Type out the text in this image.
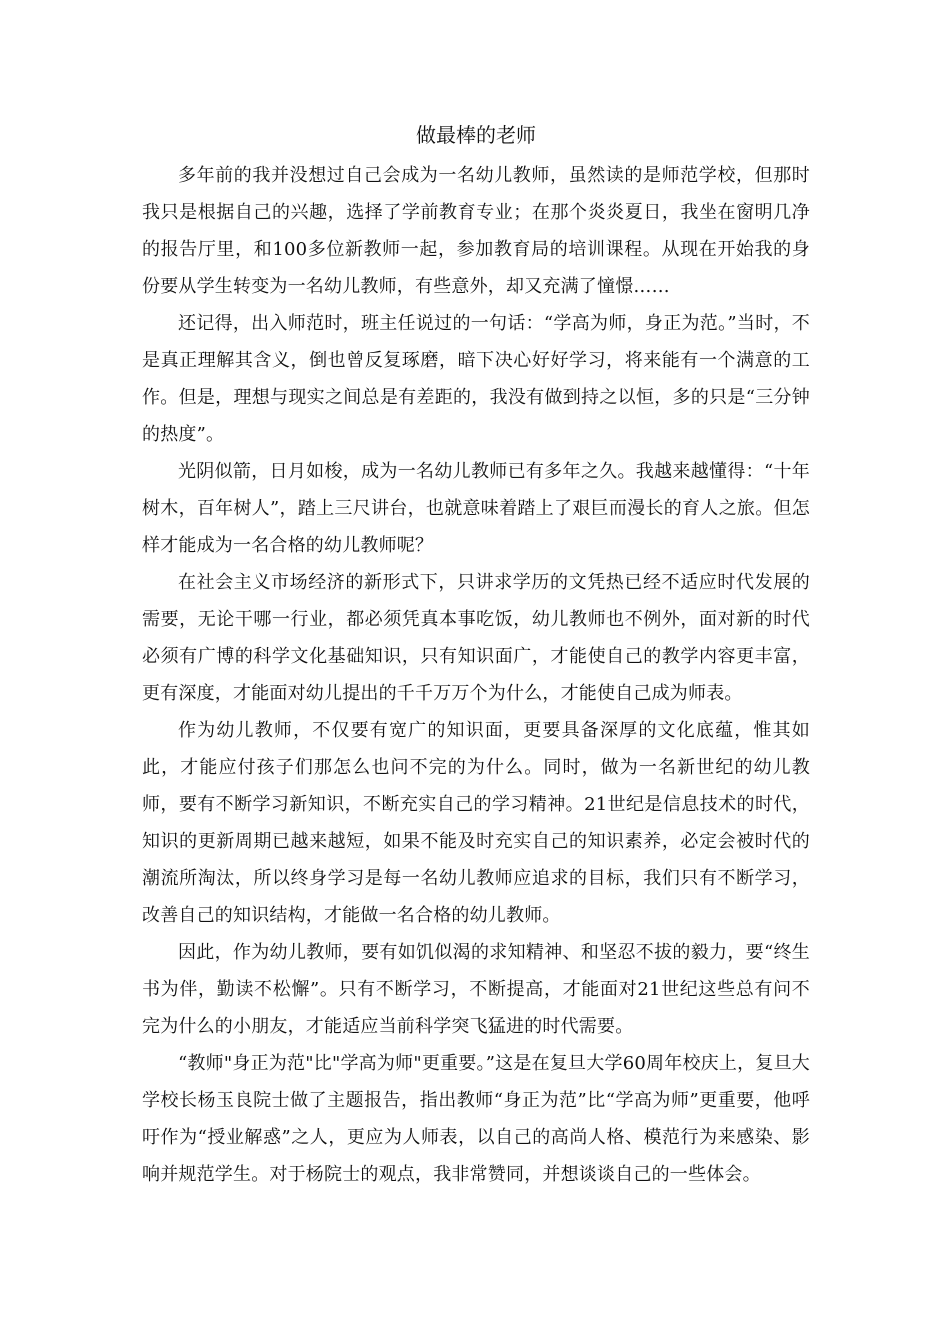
做最棒的老师

多年前的我并没想过自己会成为一名幼儿教师，虽然读的是师范学校，但那时我只是根据自己的兴趣，选择了学前教育专业；在那个炎炎夏日，我坐在窗明几净的报告厅里，和100多位新教师一起，参加教育局的培训课程。从现在开始我的身份要从学生转变为一名幼儿教师，有些意外，却又充满了憧憬……

还记得，出入师范时，班主任说过的一句话：“学高为师，身正为范。”当时，不是真正理解其含义，倒也曾反复琢磨，暗下决心好好学习，将来能有一个满意的工作。但是，理想与现实之间总是有差距的，我没有做到持之以恒，多的只是“三分钟的热度”。

光阴似箭，日月如梭，成为一名幼儿教师已有多年之久。我越来越懂得：“十年树木，百年树人”，踏上三尺讲台，也就意味着踏上了艰巨而漫长的育人之旅。但怎样才能成为一名合格的幼儿教师呢？

在社会主义市场经济的新形式下，只讲求学历的文凭热已经不适应时代发展的需要，无论干哪一行业，都必须凭真本事吃饭，幼儿教师也不例外，面对新的时代必须有广博的科学文化基础知识，只有知识面广，才能使自己的教学内容更丰富，更有深度，才能面对幼儿提出的千千万万个为什么，才能使自己成为师表。

作为幼儿教师，不仅要有宽广的知识面，更要具备深厚的文化底蕴，惟其如此，才能应付孩子们那怎么也问不完的为什么。同时，做为一名新世纪的幼儿教师，要有不断学习新知识，不断充实自己的学习精神。21世纪是信息技术的时代，知识的更新周期已越来越短，如果不能及时充实自己的知识素养，必定会被时代的潮流所淘汰，所以终身学习是每一名幼儿教师应追求的目标，我们只有不断学习，改善自己的知识结构，才能做一名合格的幼儿教师。

因此，作为幼儿教师，要有如饥似渴的求知精神、和坚忍不拔的毅力，要“终生书为伴，勤读不松懈”。只有不断学习，不断提高，才能面对21世纪这些总有问不完为什么的小朋友，才能适应当前科学突飞猛进的时代需要。

“教师"身正为范"比"学高为师"更重要。”这是在复旦大学60周年校庆上，复旦大学校长杨玉良院士做了主题报告，指出教师“身正为范”比“学高为师”更重要，他呼吁作为“授业解惑”之人，更应为人师表，以自己的高尚人格、模范行为来感染、影响并规范学生。对于杨院士的观点，我非常赞同，并想谈谈自己的一些体会。
